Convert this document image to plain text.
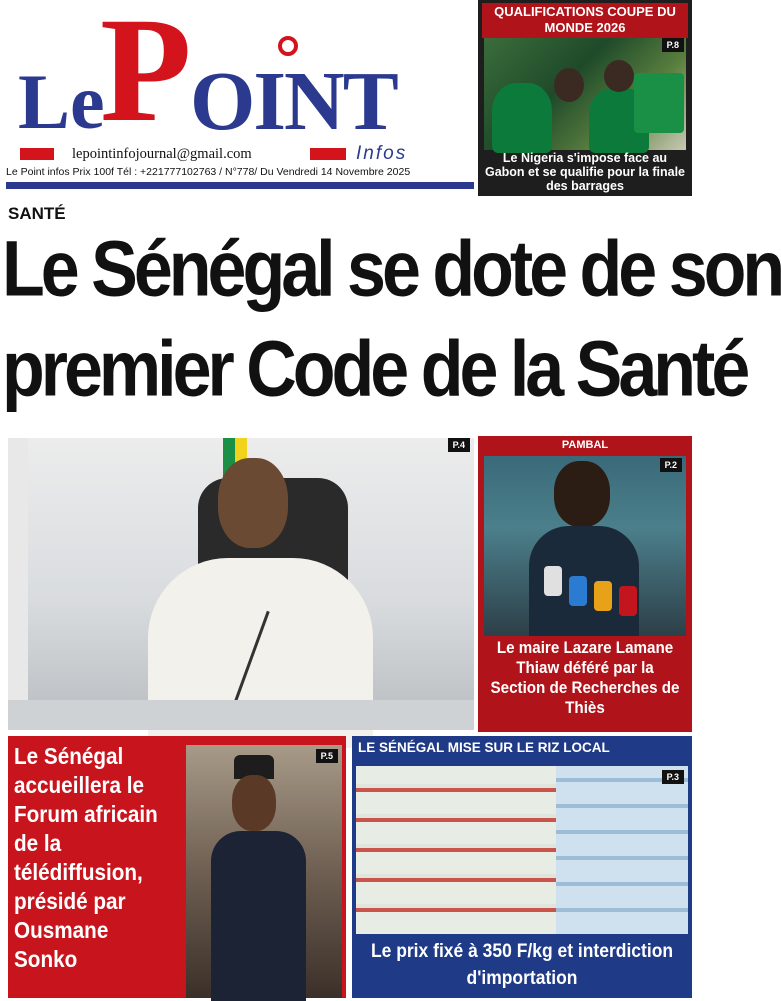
Le
P
OINT
lepointinfojournal@gmail.com	Infos
Le Point infos Prix 100f Tél : +221777102763 / N°778/ Du Vendredi 14 Novembre 2025
QUALIFICATIONS COUPE DU MONDE 2026
P.8
Le Nigeria s'impose face au Gabon et se qualifie pour la finale des barrages
SANTÉ
Le Sénégal se dote de son
premier Code de la Santé
P.4	PAMBAL
P.2
Le maire Lazare Lamane Thiaw déféré par la Section de Recherches de Thiès
Le Sénégal accueillera le Forum africain de la télédiffusion, présidé par Ousmane Sonko
P.5
LE SÉNÉGAL MISE SUR LE RIZ LOCAL
P.3
Le prix fixé à 350 F/kg et interdiction d'importation
